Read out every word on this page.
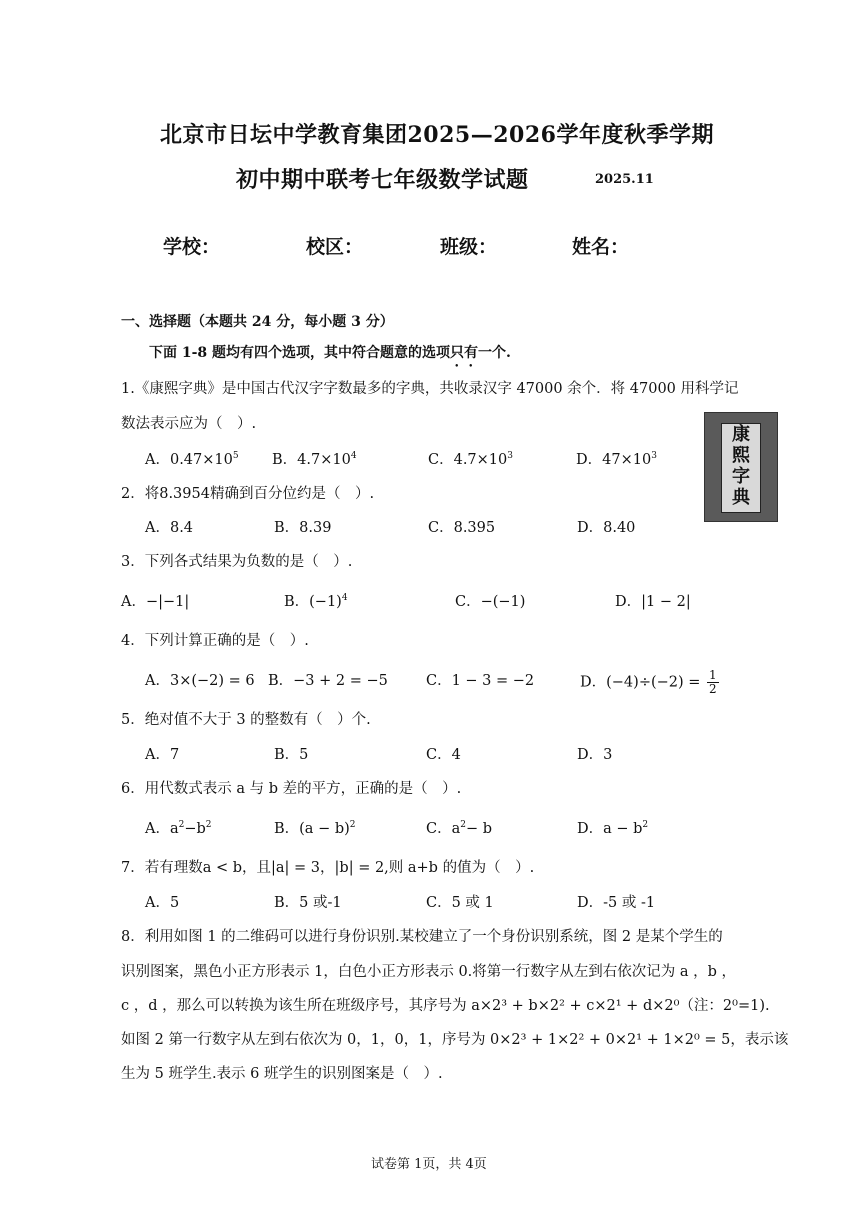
北京市日坛中学教育集团2025—2026学年度秋季学期
初中期中联考七年级数学试题	2025.11
学校：	校区：	班级：	姓名：
一、选择题（本题共 24 分，每小题 3 分）
下面 1-8 题均有四个选项，其中符合题意的选项只有一个.
1.《康熙字典》是中国古代汉字字数最多的字典，共收录汉字 47000 余个．将 47000 用科学记
数法表示应为（　）.
A．$0.47\times 10^5$ B．$4.7\times 10^4$	C．$4.7\times 10^3$	D．$47\times 10^3$
康
熙
字
典
2．将8.3954精确到百分位约是（　）.
A．8.4	B．8.39	C．8.395	D．8.40
3．下列各式结果为负数的是（　）.
A．−|−1|	B．$(-1)^4$	C．−(−1)	D．|1 − 2|
4．下列计算正确的是（　）.
A．3×(−2) = 6 B．−3 + 2 = −5	C．1 − 3 = −2	D．$(-4)\div(-2) = \frac{1}{2}$
5．绝对值不大于 3 的整数有（　）个.
A．7	B．5	C．4	D．3
6．用代数式表示 a 与 b 差的平方，正确的是（　）.
A．$a^2-b^2$	B．$(a - b)^2$	C．$a^2- b$	D．$a - b^2$
7．若有理数a < b，且|a| = 3，|b| = 2,则 a+b 的值为（　）.
A．5	B．5 或-1	C．5 或 1	D．-5 或 -1
8．利用如图 1 的二维码可以进行身份识别.某校建立了一个身份识别系统，图 2 是某个学生的
识别图案，黑色小正方形表示 1，白色小正方形表示 0.将第一行数字从左到右依次记为 a ，b ，
c ，d ，那么可以转换为该生所在班级序号，其序号为 a×2³ + b×2² + c×2¹ + d×2⁰（注：2⁰=1).
如图 2 第一行数字从左到右依次为 0，1，0，1，序号为 0×2³ + 1×2² + 0×2¹ + 1×2⁰ = 5，表示该
生为 5 班学生.表示 6 班学生的识别图案是（　）.
试卷第 1页，共 4页
